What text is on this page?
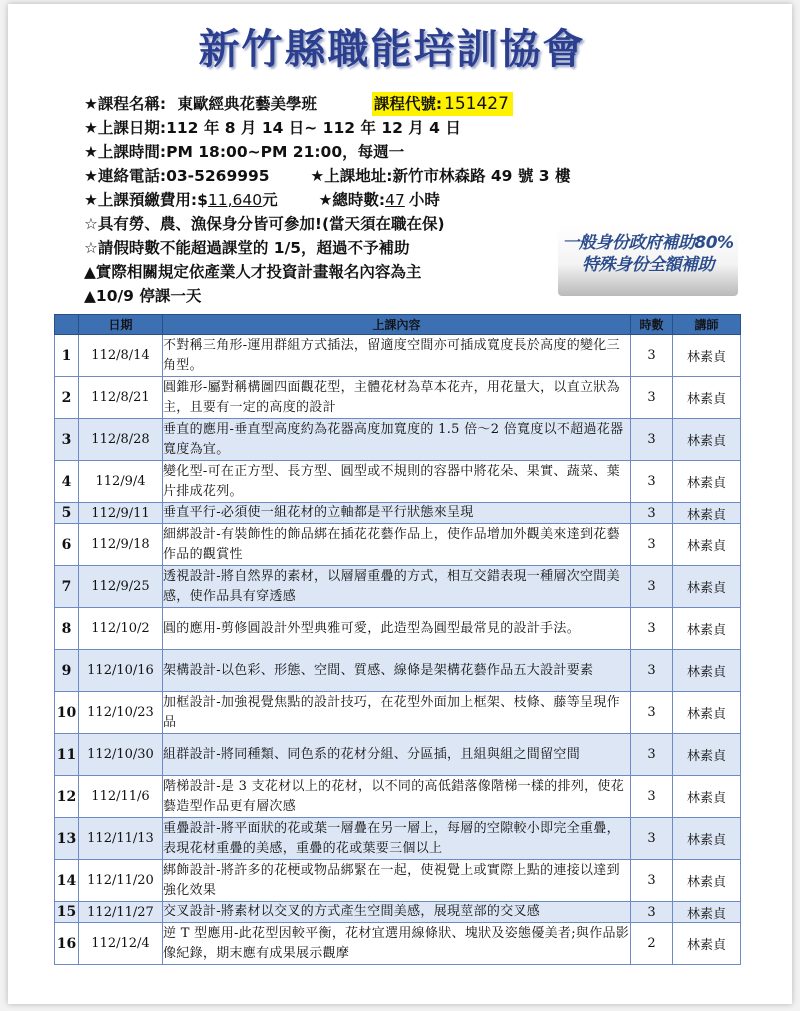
新竹縣職能培訓協會
★課程名稱: 東歐經典花藝美學班	課程代號: 151427
★上課日期:112 年 8 月 14 日~ 112 年 12 月 4 日
★上課時間:PM 18:00~PM 21:00，每週一
★連絡電話:03-5269995	★上課地址:新竹市林森路 49 號 3 樓
★上課預繳費用:$11,640元	★總時數:47小時
☆具有勞、農、漁保身分皆可參加!(當天須在職在保)
☆請假時數不能超過課堂的 1/5，超過不予補助
▲實際相關規定依產業人才投資計畫報名內容為主
▲10/9 停課一天
一般身份政府補助80%
特殊身份全額補助
	日期	上課內容	時數	講師
1	112/8/14	不對稱三角形-運用群組方式插法，留適度空間亦可插成寬度長於高度的變化三角型。	3	林素貞
2	112/8/21	圓錐形-屬對稱構圖四面觀花型，主體花材為草本花卉，用花量大，以直立狀為主，且要有一定的高度的設計	3	林素貞
3	112/8/28	垂直的應用-垂直型高度約為花器高度加寬度的 1.5 倍～2 倍寬度以不超過花器寬度為宜。	3	林素貞
4	112/9/4	變化型-可在正方型、長方型、圓型或不規則的容器中將花朵、果實、蔬菜、葉片排成花列。	3	林素貞
5	112/9/11	垂直平行-必須使一組花材的立軸都是平行狀態來呈現	3	林素貞
6	112/9/18	細綁設計-有裝飾性的飾品綁在插花花藝作品上，使作品增加外觀美來達到花藝作品的觀賞性	3	林素貞
7	112/9/25	透視設計-將自然界的素材，以層層重疊的方式，相互交錯表現一種層次空間美感，使作品具有穿透感	3	林素貞
8	112/10/2	圓的應用-剪修圓設計外型典雅可愛，此造型為圓型最常見的設計手法。	3	林素貞
9	112/10/16	架構設計-以色彩、形態、空間、質感、線條是架構花藝作品五大設計要素	3	林素貞
10	112/10/23	加框設計-加強視覺焦點的設計技巧，在花型外面加上框架、枝條、藤等呈現作品	3	林素貞
11	112/10/30	組群設計-將同種類、同色系的花材分組、分區插，且組與組之間留空間	3	林素貞
12	112/11/6	階梯設計-是 3 支花材以上的花材，以不同的高低錯落像階梯一樣的排列，使花藝造型作品更有層次感	3	林素貞
13	112/11/13	重疊設計-將平面狀的花或葉一層疊在另一層上，每層的空隙較小即完全重疊，表現花材重疊的美感，重疊的花或葉要三個以上	3	林素貞
14	112/11/20	綁飾設計-將許多的花梗或物品綁緊在一起，使視覺上或實際上點的連接以達到強化效果	3	林素貞
15	112/11/27	交叉設計-將素材以交叉的方式產生空間美感，展現莖部的交叉感	3	林素貞
16	112/12/4	逆 T 型應用-此花型因較平衡，花材宜選用線條狀、塊狀及姿態優美者;與作品影像紀錄，期末應有成果展示觀摩	2	林素貞
